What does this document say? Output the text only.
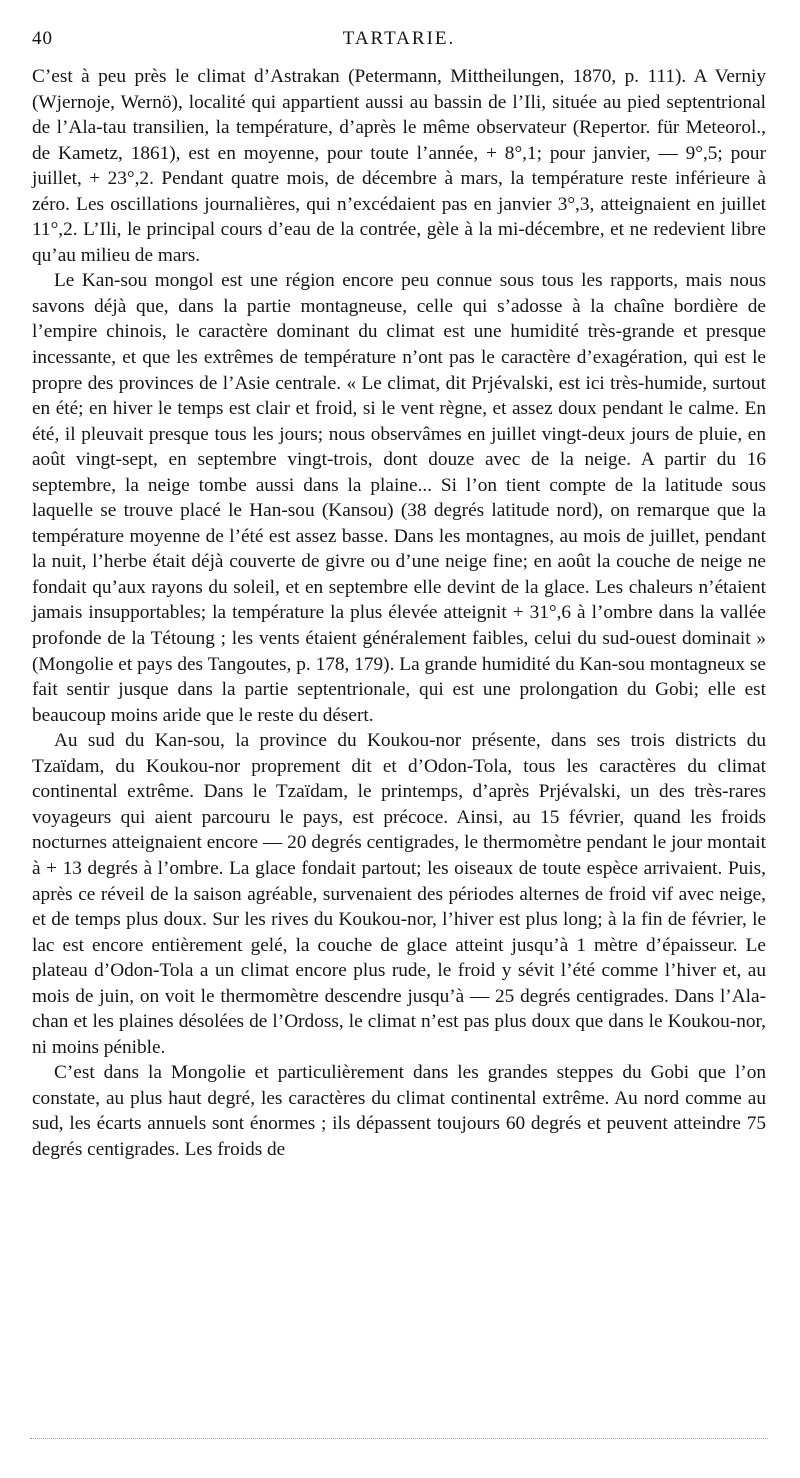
40	TARTARIE.

C’est à peu près le climat d’Astrakan (Petermann, Mittheilungen, 1870, p. 111). A Verniy (Wjernoje, Wernö), localité qui appartient aussi au bassin de l’Ili, située au pied septentrional de l’Ala-tau transilien, la température, d’après le même observateur (Repertor. für Meteorol., de Kametz, 1861), est en moyenne, pour toute l’année, + 8°,1; pour janvier, — 9°,5; pour juillet, + 23°,2. Pendant quatre mois, de décembre à mars, la température reste inférieure à zéro. Les oscillations journalières, qui n’excédaient pas en janvier 3°,3, atteignaient en juillet 11°,2. L’Ili, le principal cours d’eau de la contrée, gèle à la mi-décembre, et ne redevient libre qu’au milieu de mars.

Le Kan-sou mongol est une région encore peu connue sous tous les rapports, mais nous savons déjà que, dans la partie montagneuse, celle qui s’adosse à la chaîne bordière de l’empire chinois, le caractère dominant du climat est une humidité très-grande et presque incessante, et que les extrêmes de température n’ont pas le caractère d’exagération, qui est le propre des provinces de l’Asie centrale. « Le climat, dit Prjévalski, est ici très-humide, surtout en été; en hiver le temps est clair et froid, si le vent règne, et assez doux pendant le calme. En été, il pleuvait presque tous les jours; nous observâmes en juillet vingt-deux jours de pluie, en août vingt-sept, en septembre vingt-trois, dont douze avec de la neige. A partir du 16 septembre, la neige tombe aussi dans la plaine... Si l’on tient compte de la latitude sous laquelle se trouve placé le Han-sou (Kansou) (38 degrés latitude nord), on remarque que la température moyenne de l’été est assez basse. Dans les montagnes, au mois de juillet, pendant la nuit, l’herbe était déjà couverte de givre ou d’une neige fine; en août la couche de neige ne fondait qu’aux rayons du soleil, et en septembre elle devint de la glace. Les chaleurs n’étaient jamais insupportables; la température la plus élevée atteignit + 31°,6 à l’ombre dans la vallée profonde de la Tétoung ; les vents étaient généralement faibles, celui du sud-ouest dominait » (Mongolie et pays des Tangoutes, p. 178, 179). La grande humidité du Kan-sou montagneux se fait sentir jusque dans la partie septentrionale, qui est une prolongation du Gobi; elle est beaucoup moins aride que le reste du désert.

Au sud du Kan-sou, la province du Koukou-nor présente, dans ses trois districts du Tzaïdam, du Koukou-nor proprement dit et d’Odon-Tola, tous les caractères du climat continental extrême. Dans le Tzaïdam, le printemps, d’après Prjévalski, un des très-rares voyageurs qui aient parcouru le pays, est précoce. Ainsi, au 15 février, quand les froids nocturnes atteignaient encore — 20 degrés centigrades, le thermomètre pendant le jour montait à + 13 degrés à l’ombre. La glace fondait partout; les oiseaux de toute espèce arrivaient. Puis, après ce réveil de la saison agréable, survenaient des périodes alternes de froid vif avec neige, et de temps plus doux. Sur les rives du Koukou-nor, l’hiver est plus long; à la fin de février, le lac est encore entièrement gelé, la couche de glace atteint jusqu’à 1 mètre d’épaisseur. Le plateau d’Odon-Tola a un climat encore plus rude, le froid y sévit l’été comme l’hiver et, au mois de juin, on voit le thermomètre descendre jusqu’à — 25 degrés centigrades. Dans l’Ala-chan et les plaines désolées de l’Ordoss, le climat n’est pas plus doux que dans le Koukou-nor, ni moins pénible.

C’est dans la Mongolie et particulièrement dans les grandes steppes du Gobi que l’on constate, au plus haut degré, les caractères du climat continental extrême. Au nord comme au sud, les écarts annuels sont énormes ; ils dépassent toujours 60 degrés et peuvent atteindre 75 degrés centigrades. Les froids de
